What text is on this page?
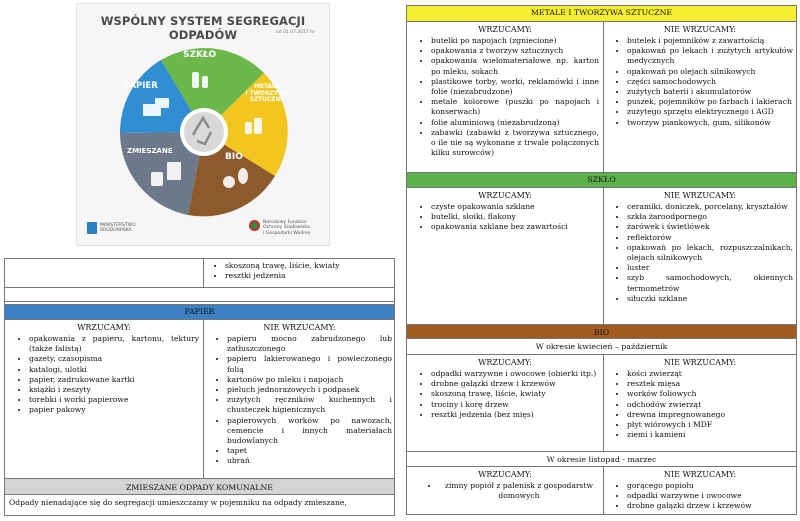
WSPÓLNY SYSTEM SEGREGACJI ODPADÓW	od 01.07.2017 hr
SZKŁO
PAPIER	METALE
I TWORZYWA
SZTUCZNE
ZMIESZANE
BIO
MINISTERSTWO
ŚRODOWISKA
Narodowy Fundusz
Ochrony Środowiska
i Gospodarki Wodnej
• skoszoną trawę, liście, kwiaty
• resztki jedzenia
PAPIER
WRZUCAMY:
• opakowania z papieru, kartonu, tektury (także falistą)
• gazety, czasopisma
• katalogi, ulotki
• papier, zadrukowane kartki
• książki i zeszyty
• torebki i worki papierowe
• papier pakowy
NIE WRZUCAMY:
• papieru mocno zabrudzonego lub zatłuszczonego
• papieru lakierowanego i powleczonego folią
• kartonów po mleku i napojach
• pieluch jednorazowych i podpasek
• zużytych ręczników kuchennych i chusteczek higienicznych
• papierowych worków po nawozach, cemencie i innych materiałach budowlanych
• tapet
• ubrań
ZMIESZANE ODPADY KOMUNALNE
Odpady nienadające się do segregacji umieszczamy w pojemniku na odpady zmieszane,
METALE I TWORZYWA SZTUCZNE
WRZUCAMY:
• butelki po napojach (zgniecione)
• opakowania z tworzyw sztucznych
• opakowania wielomateriałowe np. karton po mleku, sokach
• plastikowe torby, worki, reklamówki i inne folie (niezabrudzone)
• metale kolorowe (puszki po napojach i konserwach)
• folie aluminiową (niezabrudzoną)
• zabawki (zabawki z tworzywa sztucznego, o ile nie są wykonane z trwale połączonych kilku surowców)
NIE WRZUCAMY:
• butelek i pojemników z zawartością
• opakowań po lekach i zużytych artykułów medycznych
• opakowań po olejach silnikowych
• części samochodowych
• zużytych baterii i akumulatorów
• puszek, pojemników po farbach i lakierach
• zużytego sprzętu elektrycznego i AGD
• tworzyw piankowych, gum, silikonów
SZKŁO
WRZUCAMY:
• czyste opakowania szklane
• butelki, słoiki, flakony
• opakowania szklane bez zawartości
NIE WRZUCAMY:
• ceramiki, doniczek, porcelany, kryształów
• szkła żaroodpornego
• żarówek i świetlówek
• reflektorów
• opakowań po lekach, rozpuszczalnikach, olejach silnikowych
• luster
• szyb samochodowych, okiennych termometrów
• siłuczki szklane
BIO
W okresie kwiecień – październik
WRZUCAMY:
• odpadki warzywne i owocowe (obierki itp.)
• drobne gałązki drzew i krzewów
• skoszoną trawę, liście, kwiaty
• trociny i korę drzew
• resztki jedzenia (bez mięs)
NIE WRZUCAMY:
• kości zwierząt
• resztek mięsa
• worków foliowych
• odchodów zwierząt
• drewna impregnowanego
• płyt wiórowych i MDF
• ziemi i kamieni
W okresie listopad - marzec
WRZUCAMY:
• zimny popiół z palenisk z gospodarstw domowych
NIE WRZUCAMY:
• gorącego popiołu
• odpadki warzywne i owocowe
• drobne gałązki drzew i krzewów
